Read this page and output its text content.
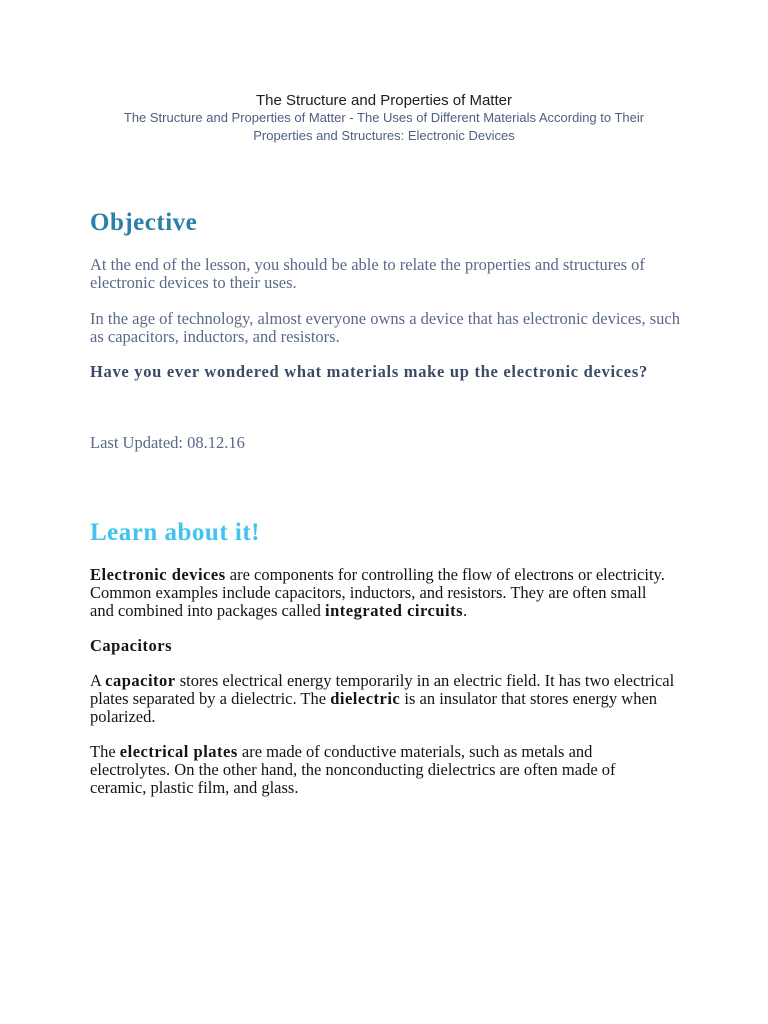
The Structure and Properties of Matter
The Structure and Properties of Matter - The Uses of Different Materials According to Their
Properties and Structures: Electronic Devices
Objective
At the end of the lesson, you should be able to relate the properties and structures of
electronic devices to their uses.
In the age of technology, almost everyone owns a device that has electronic devices, such
as capacitors, inductors, and resistors.
Have you ever wondered what materials make up the electronic devices?
Last Updated: 08.12.16
Learn about it!
Electronic devices are components for controlling the flow of electrons or electricity.
Common examples include capacitors, inductors, and resistors. They are often small
and combined into packages called integrated circuits.
Capacitors
A capacitor stores electrical energy temporarily in an electric field. It has two electrical
plates separated by a dielectric. The dielectric is an insulator that stores energy when
polarized.
The electrical plates are made of conductive materials, such as metals and
electrolytes. On the other hand, the nonconducting dielectrics are often made of
ceramic, plastic film, and glass.
